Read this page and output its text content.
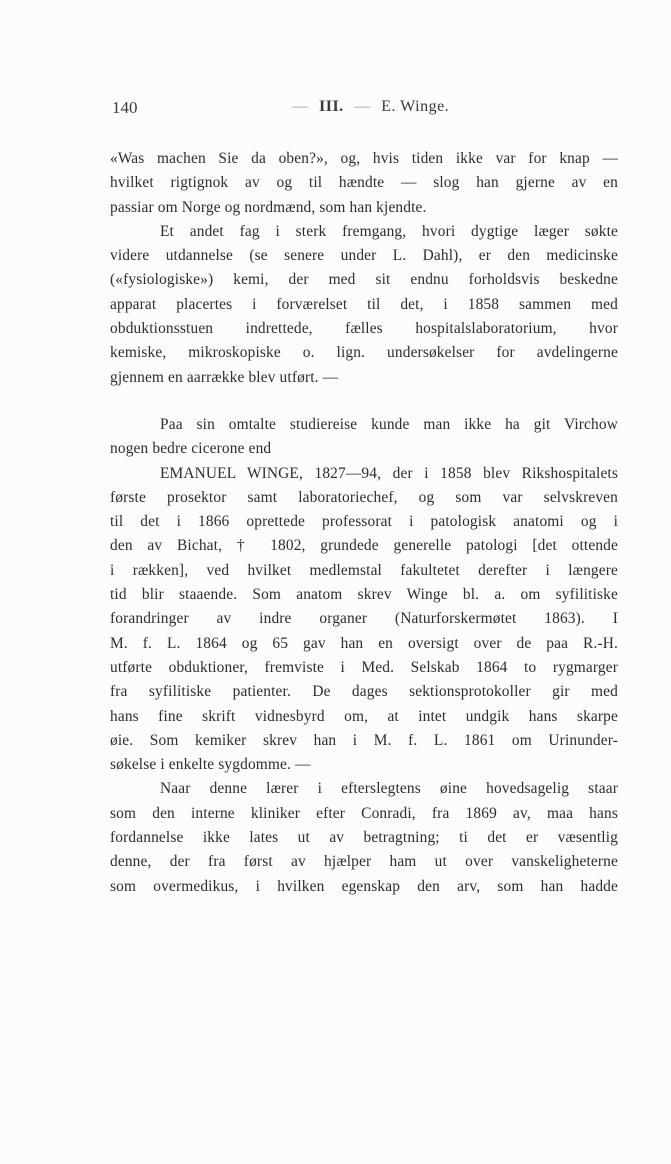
140	— III. — E. Winge.
«Was machen Sie da oben?», og, hvis tiden ikke var for knap —
hvilket rigtignok av og til hændte — slog han gjerne av en
passiar om Norge og nordmænd, som han kjendte.
Et andet fag i sterk fremgang, hvori dygtige læger søkte
videre utdannelse (se senere under L. Dahl), er den medicinske
(«fysiologiske») kemi, der med sit endnu forholdsvis beskedne
apparat placertes i forværelset til det, i 1858 sammen med
obduktionsstuen indrettede, fælles hospitalslaboratorium, hvor
kemiske, mikroskopiske o. lign. undersøkelser for avdelingerne
gjennem en aarrække blev utført. —
Paa sin omtalte studiereise kunde man ikke ha git Virchow
nogen bedre cicerone end
EMANUEL WINGE, 1827—94, der i 1858 blev Rikshospitalets
første prosektor samt laboratoriechef, og som var selvskreven
til det i 1866 oprettede professorat i patologisk anatomi og i
den av Bichat, † 1802, grundede generelle patologi [det ottende
i rækken], ved hvilket medlemstal fakultetet derefter i længere
tid blir staaende. Som anatom skrev Winge bl. a. om syfilitiske
forandringer av indre organer (Naturforskermøtet 1863). I
M. f. L. 1864 og 65 gav han en oversigt over de paa R.-H.
utførte obduktioner, fremviste i Med. Selskab 1864 to rygmarger
fra syfilitiske patienter. De dages sektionsprotokoller gir med
hans fine skrift vidnesbyrd om, at intet undgik hans skarpe
øie. Som kemiker skrev han i M. f. L. 1861 om Urinunder-
søkelse i enkelte sygdomme. —
Naar denne lærer i efterslegtens øine hovedsagelig staar
som den interne kliniker efter Conradi, fra 1869 av, maa hans
fordannelse ikke lates ut av betragtning; ti det er væsentlig
denne, der fra først av hjælper ham ut over vanskeligheterne
som overmedikus, i hvilken egenskap den arv, som han hadde
